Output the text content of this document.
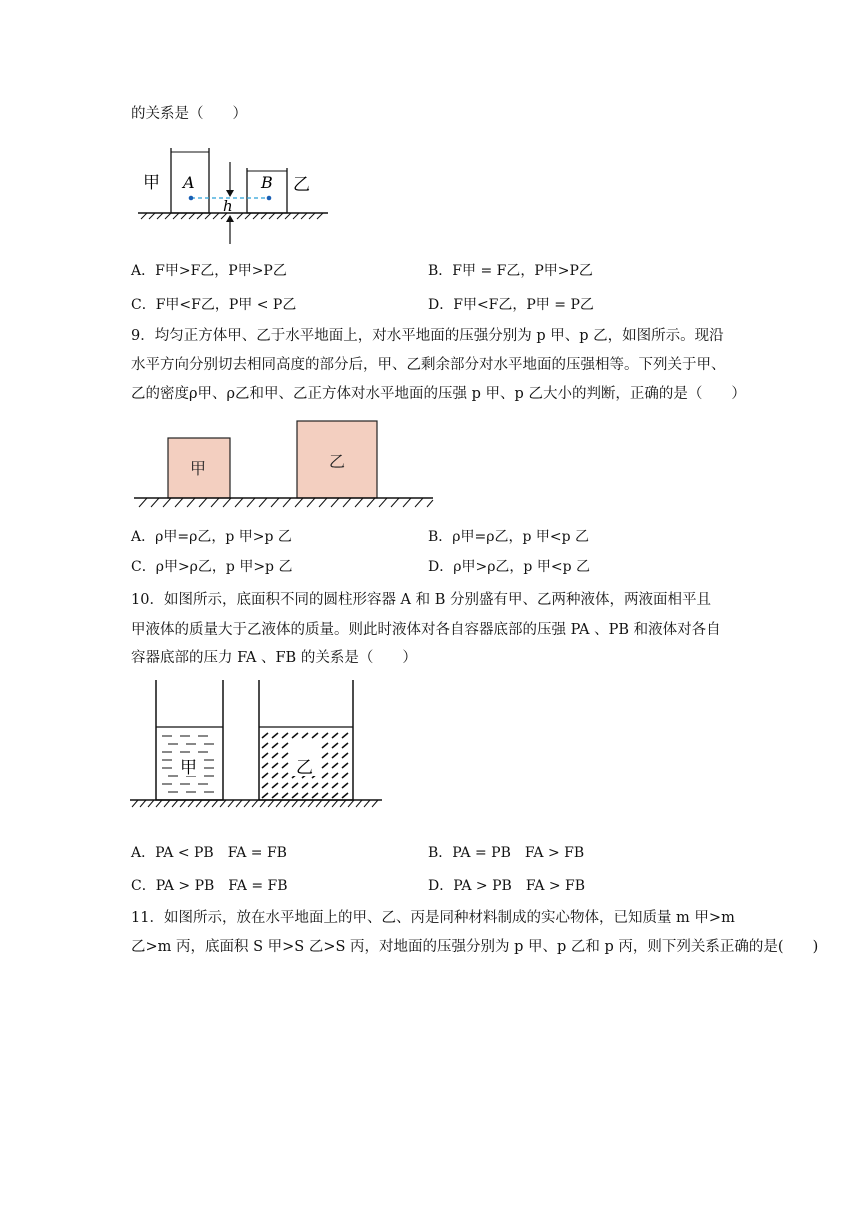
的关系是（　　）
甲 A	B
h
乙
A．F甲>F乙，P甲>P乙	B．F甲 = F乙，P甲>P乙
C．F甲<F乙，P甲 < P乙	D．F甲<F乙，P甲 = P乙
9．均匀正方体甲、乙于水平地面上，对水平地面的压强分别为 p 甲、p 乙，如图所示。现沿
水平方向分别切去相同高度的部分后，甲、乙剩余部分对水平地面的压强相等。下列关于甲、
乙的密度ρ甲、ρ乙和甲、乙正方体对水平地面的压强 p 甲、p 乙大小的判断，正确的是（　　）
甲	乙
A．ρ甲=ρ乙，p 甲>p 乙	B．ρ甲=ρ乙，p 甲<p 乙
C．ρ甲>ρ乙，p 甲>p 乙	D．ρ甲>ρ乙，p 甲<p 乙
10．如图所示，底面积不同的圆柱形容器 A 和 B 分别盛有甲、乙两种液体，两液面相平且
甲液体的质量大于乙液体的质量。则此时液体对各自容器底部的压强 PA 、PB 和液体对各自
容器底部的压力 FA 、FB 的关系是（　　）
甲	乙
A．PA < PB　FA = FB	B．PA = PB　FA > FB
C．PA > PB　FA = FB	D．PA > PB　FA > FB
11．如图所示，放在水平地面上的甲、乙、丙是同种材料制成的实心物体，已知质量 m 甲>m
乙>m 丙，底面积 S 甲>S 乙>S 丙，对地面的压强分别为 p 甲、p 乙和 p 丙，则下列关系正确的是(　　)
